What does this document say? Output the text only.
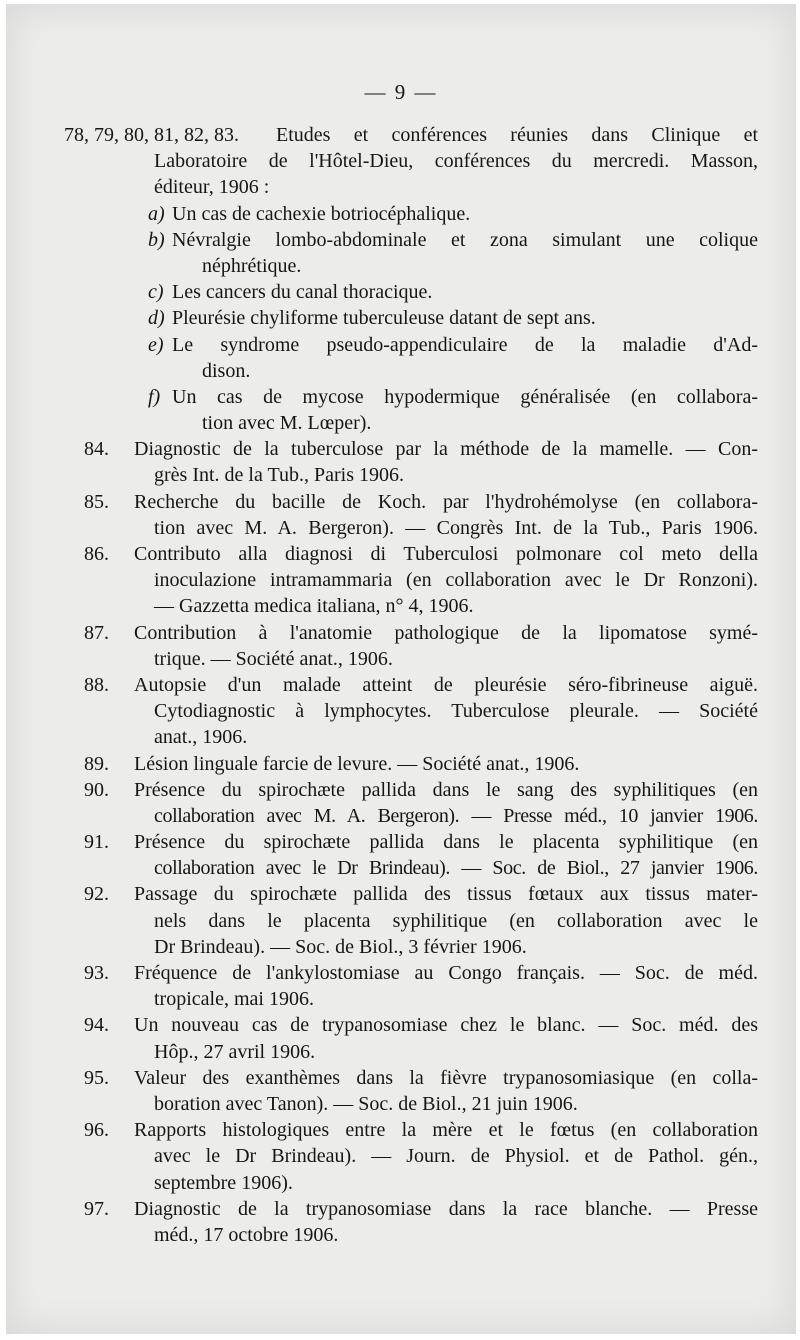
— 9 —
78, 79, 80, 81, 82, 83. Etudes et conférences réunies dans Clinique et
Laboratoire de l'Hôtel-Dieu, conférences du mercredi. Masson,
éditeur, 1906 :
a) Un cas de cachexie botriocéphalique.
b) Névralgie lombo-abdominale et zona simulant une colique
néphrétique.
c) Les cancers du canal thoracique.
d) Pleurésie chyliforme tuberculeuse datant de sept ans.
e) Le syndrome pseudo-appendiculaire de la maladie d'Ad-
dison.
f) Un cas de mycose hypodermique généralisée (en collabora-
tion avec M. Lœper).
84. Diagnostic de la tuberculose par la méthode de la mamelle. — Con-
grès Int. de la Tub., Paris 1906.
85. Recherche du bacille de Koch. par l'hydrohémolyse (en collabora-
tion avec M. A. Bergeron). — Congrès Int. de la Tub., Paris 1906.
86. Contributo alla diagnosi di Tuberculosi polmonare col meto della
inoculazione intramammaria (en collaboration avec le Dr Ronzoni).
— Gazzetta medica italiana, n° 4, 1906.
87. Contribution à l'anatomie pathologique de la lipomatose symé-
trique. — Société anat., 1906.
88. Autopsie d'un malade atteint de pleurésie séro-fibrineuse aiguë.
Cytodiagnostic à lymphocytes. Tuberculose pleurale. — Société
anat., 1906.
89. Lésion linguale farcie de levure. — Société anat., 1906.
90. Présence du spirochæte pallida dans le sang des syphilitiques (en
collaboration avec M. A. Bergeron). — Presse méd., 10 janvier 1906.
91. Présence du spirochæte pallida dans le placenta syphilitique (en
collaboration avec le Dr Brindeau). — Soc. de Biol., 27 janvier 1906.
92. Passage du spirochæte pallida des tissus fœtaux aux tissus mater-
nels dans le placenta syphilitique (en collaboration avec le
Dr Brindeau). — Soc. de Biol., 3 février 1906.
93. Fréquence de l'ankylostomiase au Congo français. — Soc. de méd.
tropicale, mai 1906.
94. Un nouveau cas de trypanosomiase chez le blanc. — Soc. méd. des
Hôp., 27 avril 1906.
95. Valeur des exanthèmes dans la fièvre trypanosomiasique (en colla-
boration avec Tanon). — Soc. de Biol., 21 juin 1906.
96. Rapports histologiques entre la mère et le fœtus (en collaboration
avec le Dr Brindeau). — Journ. de Physiol. et de Pathol. gén.,
septembre 1906).
97. Diagnostic de la trypanosomiase dans la race blanche. — Presse
méd., 17 octobre 1906.
